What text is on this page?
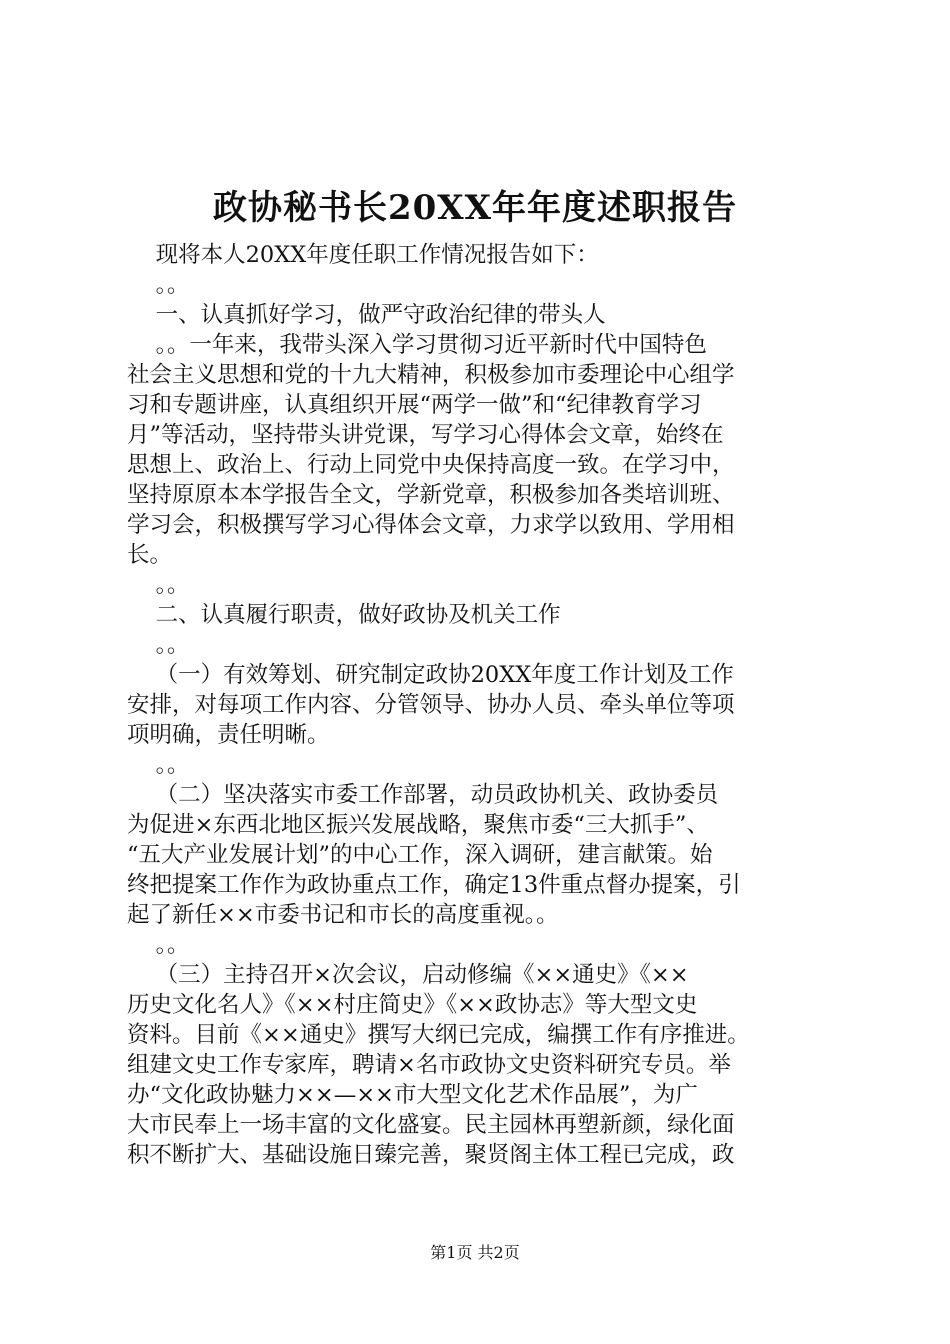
政协秘书长20XX年年度述职报告
现将本人20XX年度任职工作情况报告如下：
。。
一、认真抓好学习，做严守政治纪律的带头人
。。一年来，我带头深入学习贯彻习近平新时代中国特色
社会主义思想和党的十九大精神，积极参加市委理论中心组学
习和专题讲座，认真组织开展“两学一做”和“纪律教育学习
月”等活动，坚持带头讲党课，写学习心得体会文章，始终在
思想上、政治上、行动上同党中央保持高度一致。在学习中，
坚持原原本本学报告全文，学新党章，积极参加各类培训班、
学习会，积极撰写学习心得体会文章，力求学以致用、学用相
长。
。。
二、认真履行职责，做好政协及机关工作
。。
（一）有效筹划、研究制定政协20XX年度工作计划及工作
安排，对每项工作内容、分管领导、协办人员、牵头单位等项
项明确，责任明晰。
。。
（二）坚决落实市委工作部署，动员政协机关、政协委员
为促进×东西北地区振兴发展战略，聚焦市委“三大抓手”、
“五大产业发展计划”的中心工作，深入调研，建言献策。始
终把提案工作作为政协重点工作，确定13件重点督办提案，引
起了新任××市委书记和市长的高度重视。。
。。
（三）主持召开×次会议，启动修编《××通史》《××
历史文化名人》《××村庄简史》《××政协志》等大型文史
资料。目前《××通史》撰写大纲已完成，编撰工作有序推进。
组建文史工作专家库，聘请×名市政协文史资料研究专员。举
办“文化政协魅力××—××市大型文化艺术作品展”，为广
大市民奉上一场丰富的文化盛宴。民主园林再塑新颜，绿化面
积不断扩大、基础设施日臻完善，聚贤阁主体工程已完成，政
第1页 共2页
